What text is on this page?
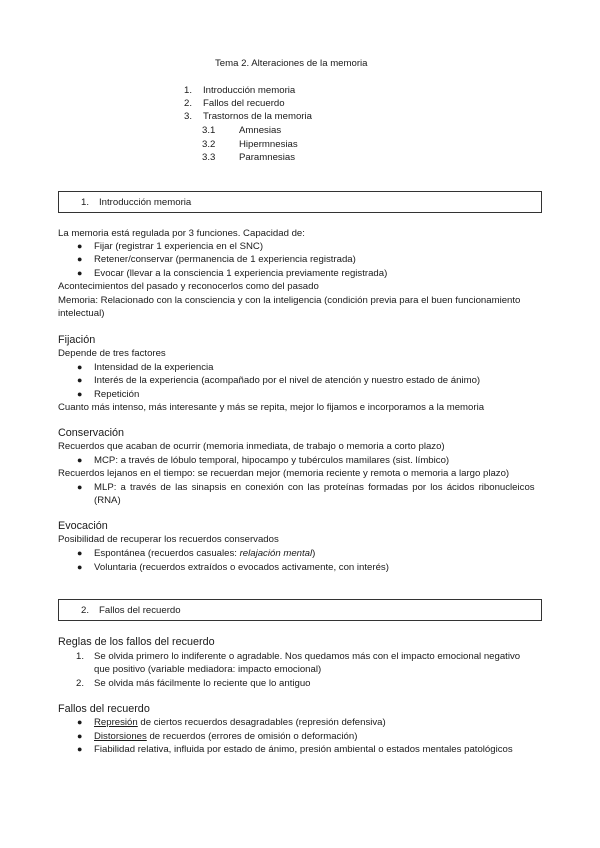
Tema 2. Alteraciones de la memoria
1. Introducción memoria
2. Fallos del recuerdo
3. Trastornos de la memoria
3.1 Amnesias
3.2 Hipermnesias
3.3 Paramnesias
1. Introducción memoria
La memoria está regulada por 3 funciones. Capacidad de:
● Fijar (registrar 1 experiencia en el SNC)
● Retener/conservar (permanencia de 1 experiencia registrada)
● Evocar (llevar a la consciencia 1 experiencia previamente registrada)
Acontecimientos del pasado y reconocerlos como del pasado
Memoria: Relacionado con la consciencia y con la inteligencia (condición previa para el buen funcionamiento
intelectual)
Fijación
Depende de tres factores
● Intensidad de la experiencia
● Interés de la experiencia (acompañado por el nivel de atención y nuestro estado de ánimo)
● Repetición
Cuanto más intenso, más interesante y más se repita, mejor lo fijamos e incorporamos a la memoria
Conservación
Recuerdos que acaban de ocurrir (memoria inmediata, de trabajo o memoria a corto plazo)
● MCP: a través de lóbulo temporal, hipocampo y tubérculos mamilares (sist. límbico)
Recuerdos lejanos en el tiempo: se recuerdan mejor (memoria reciente y remota o memoria a largo plazo)
● MLP: a través de las sinapsis en conexión con las proteínas formadas por los ácidos ribonucleicos
(RNA)
Evocación
Posibilidad de recuperar los recuerdos conservados
● Espontánea (recuerdos casuales: relajación mental)
● Voluntaria (recuerdos extraídos o evocados activamente, con interés)
2. Fallos del recuerdo
Reglas de los fallos del recuerdo
1. Se olvida primero lo indiferente o agradable. Nos quedamos más con el impacto emocional negativo
que positivo (variable mediadora: impacto emocional)
2. Se olvida más fácilmente lo reciente que lo antiguo
Fallos del recuerdo
● Represión de ciertos recuerdos desagradables (represión defensiva)
● Distorsiones de recuerdos (errores de omisión o deformación)
● Fiabilidad relativa, influida por estado de ánimo, presión ambiental o estados mentales patológicos
